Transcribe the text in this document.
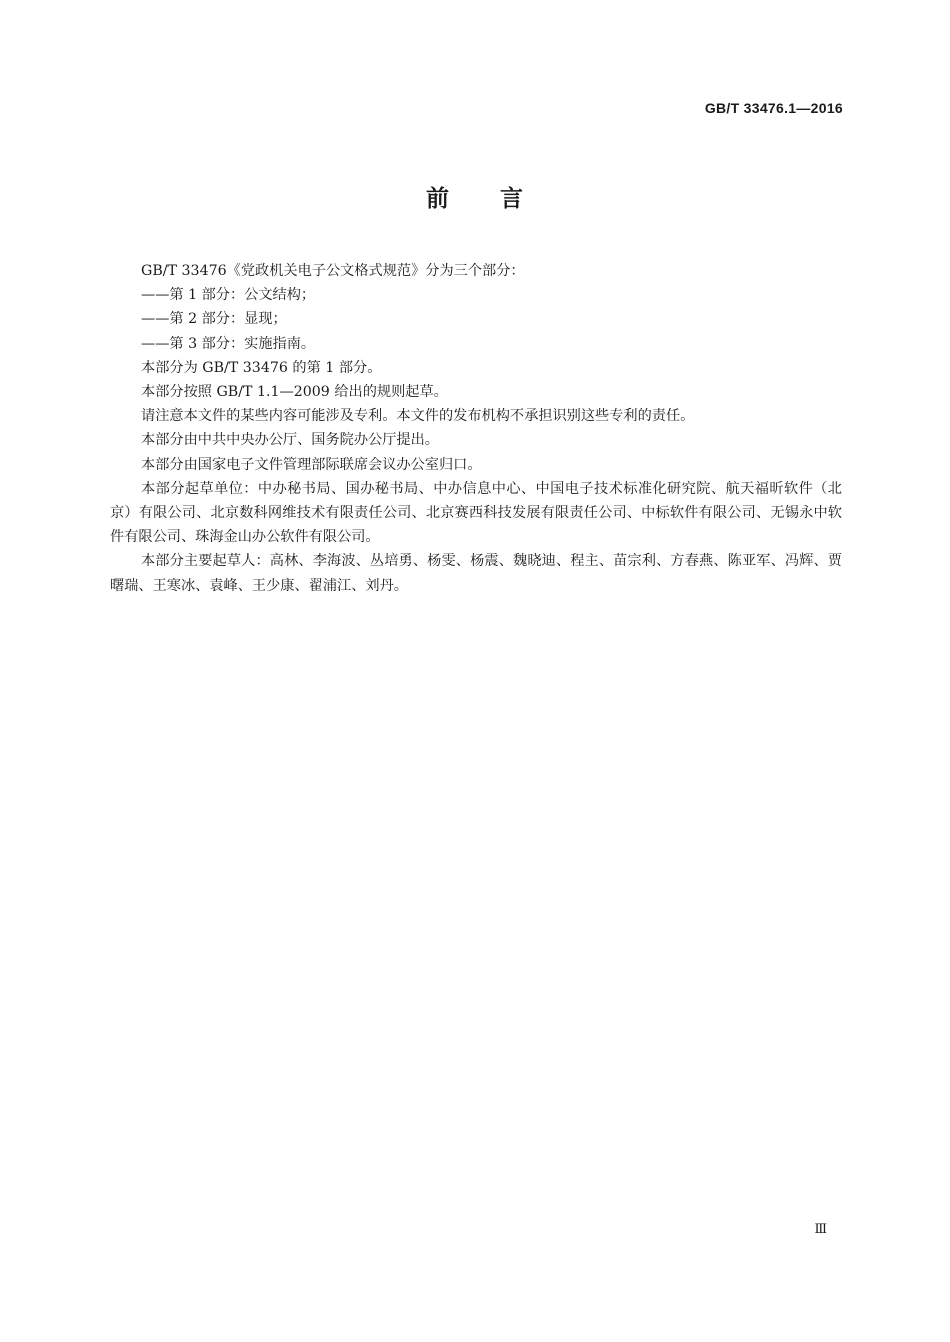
GB/T 33476.1—2016
前 言

GB/T 33476《党政机关电子公文格式规范》分为三个部分：

——第 1 部分：公文结构；

——第 2 部分：显现；

——第 3 部分：实施指南。

本部分为 GB/T 33476 的第 1 部分。

本部分按照 GB/T 1.1—2009 给出的规则起草。

请注意本文件的某些内容可能涉及专利。本文件的发布机构不承担识别这些专利的责任。

本部分由中共中央办公厅、国务院办公厅提出。

本部分由国家电子文件管理部际联席会议办公室归口。

本部分起草单位：中办秘书局、国办秘书局、中办信息中心、中国电子技术标准化研究院、航天福昕软件（北京）有限公司、北京数科网维技术有限责任公司、北京赛西科技发展有限责任公司、中标软件有限公司、无锡永中软件有限公司、珠海金山办公软件有限公司。

本部分主要起草人：高林、李海波、丛培勇、杨雯、杨震、魏晓迪、程主、苗宗利、方春燕、陈亚军、冯辉、贾曙瑞、王寒冰、袁峰、王少康、翟浦江、刘丹。

Ⅲ
